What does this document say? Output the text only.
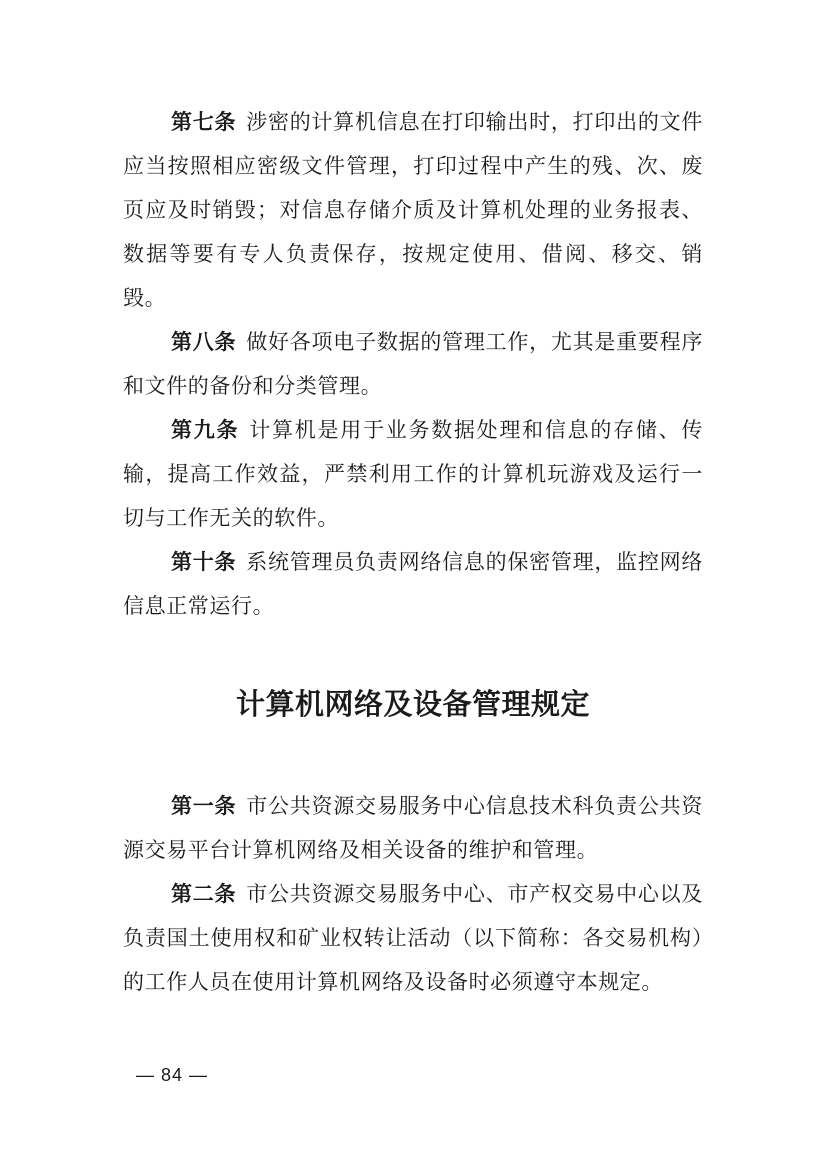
第七条 涉密的计算机信息在打印输出时，打印出的文件应当按照相应密级文件管理，打印过程中产生的残、次、废页应及时销毁；对信息存储介质及计算机处理的业务报表、数据等要有专人负责保存，按规定使用、借阅、移交、销毁。

第八条 做好各项电子数据的管理工作，尤其是重要程序和文件的备份和分类管理。

第九条 计算机是用于业务数据处理和信息的存储、传输，提高工作效益，严禁利用工作的计算机玩游戏及运行一切与工作无关的软件。

第十条 系统管理员负责网络信息的保密管理，监控网络信息正常运行。

计算机网络及设备管理规定

第一条 市公共资源交易服务中心信息技术科负责公共资源交易平台计算机网络及相关设备的维护和管理。

第二条 市公共资源交易服务中心、市产权交易中心以及负责国土使用权和矿业权转让活动（以下简称：各交易机构）的工作人员在使用计算机网络及设备时必须遵守本规定。

— 84 —
